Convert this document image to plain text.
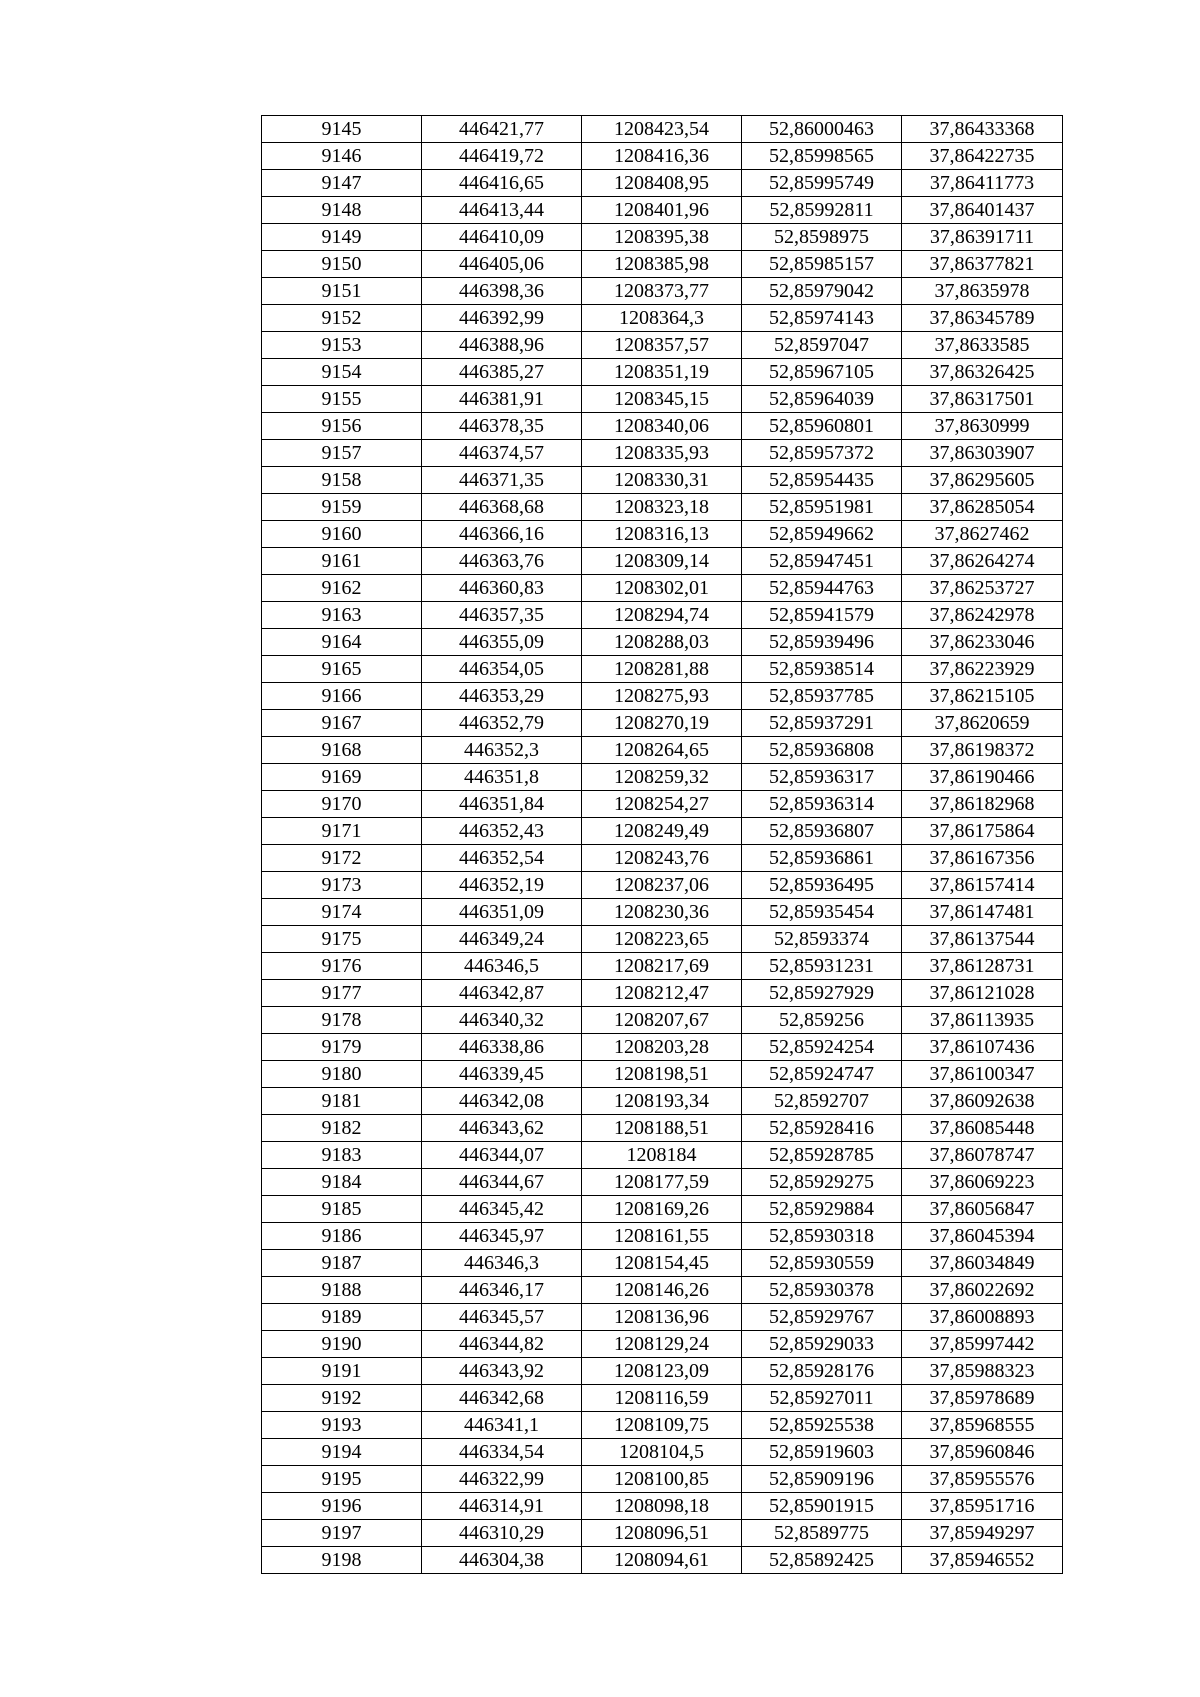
9145	446421,77	1208423,54	52,86000463	37,86433368
9146	446419,72	1208416,36	52,85998565	37,86422735
9147	446416,65	1208408,95	52,85995749	37,86411773
9148	446413,44	1208401,96	52,85992811	37,86401437
9149	446410,09	1208395,38	52,8598975	37,86391711
9150	446405,06	1208385,98	52,85985157	37,86377821
9151	446398,36	1208373,77	52,85979042	37,8635978
9152	446392,99	1208364,3	52,85974143	37,86345789
9153	446388,96	1208357,57	52,8597047	37,8633585
9154	446385,27	1208351,19	52,85967105	37,86326425
9155	446381,91	1208345,15	52,85964039	37,86317501
9156	446378,35	1208340,06	52,85960801	37,8630999
9157	446374,57	1208335,93	52,85957372	37,86303907
9158	446371,35	1208330,31	52,85954435	37,86295605
9159	446368,68	1208323,18	52,85951981	37,86285054
9160	446366,16	1208316,13	52,85949662	37,8627462
9161	446363,76	1208309,14	52,85947451	37,86264274
9162	446360,83	1208302,01	52,85944763	37,86253727
9163	446357,35	1208294,74	52,85941579	37,86242978
9164	446355,09	1208288,03	52,85939496	37,86233046
9165	446354,05	1208281,88	52,85938514	37,86223929
9166	446353,29	1208275,93	52,85937785	37,86215105
9167	446352,79	1208270,19	52,85937291	37,8620659
9168	446352,3	1208264,65	52,85936808	37,86198372
9169	446351,8	1208259,32	52,85936317	37,86190466
9170	446351,84	1208254,27	52,85936314	37,86182968
9171	446352,43	1208249,49	52,85936807	37,86175864
9172	446352,54	1208243,76	52,85936861	37,86167356
9173	446352,19	1208237,06	52,85936495	37,86157414
9174	446351,09	1208230,36	52,85935454	37,86147481
9175	446349,24	1208223,65	52,8593374	37,86137544
9176	446346,5	1208217,69	52,85931231	37,86128731
9177	446342,87	1208212,47	52,85927929	37,86121028
9178	446340,32	1208207,67	52,859256	37,86113935
9179	446338,86	1208203,28	52,85924254	37,86107436
9180	446339,45	1208198,51	52,85924747	37,86100347
9181	446342,08	1208193,34	52,8592707	37,86092638
9182	446343,62	1208188,51	52,85928416	37,86085448
9183	446344,07	1208184	52,85928785	37,86078747
9184	446344,67	1208177,59	52,85929275	37,86069223
9185	446345,42	1208169,26	52,85929884	37,86056847
9186	446345,97	1208161,55	52,85930318	37,86045394
9187	446346,3	1208154,45	52,85930559	37,86034849
9188	446346,17	1208146,26	52,85930378	37,86022692
9189	446345,57	1208136,96	52,85929767	37,86008893
9190	446344,82	1208129,24	52,85929033	37,85997442
9191	446343,92	1208123,09	52,85928176	37,85988323
9192	446342,68	1208116,59	52,85927011	37,85978689
9193	446341,1	1208109,75	52,85925538	37,85968555
9194	446334,54	1208104,5	52,85919603	37,85960846
9195	446322,99	1208100,85	52,85909196	37,85955576
9196	446314,91	1208098,18	52,85901915	37,85951716
9197	446310,29	1208096,51	52,8589775	37,85949297
9198	446304,38	1208094,61	52,85892425	37,85946552
